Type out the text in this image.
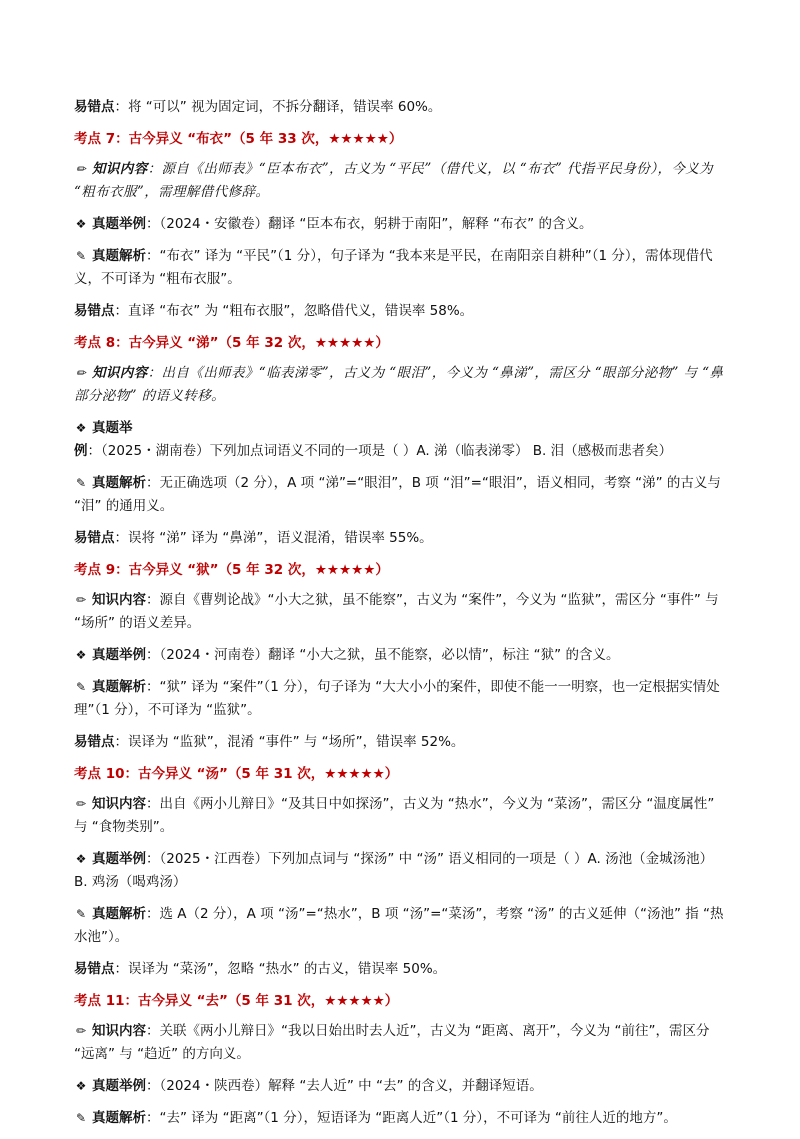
易错点：将 “可以” 视为固定词，不拆分翻译，错误率 60%。

考点 7：古今异义 “布衣”（5 年 33 次，★★★★★）

✏ 知识内容：源自《出师表》“臣本布衣”，古义为 “平民”（借代义，以 “布衣” 代指平民身份），今义为 “粗布衣服”，需理解借代修辞。

❖ 真题举例：（2024・安徽卷）翻译 “臣本布衣，躬耕于南阳”，解释 “布衣” 的含义。

✎ 真题解析：“布衣” 译为 “平民”（1 分），句子译为 “我本来是平民，在南阳亲自耕种”（1 分），需体现借代义，不可译为 “粗布衣服”。

易错点：直译 “布衣” 为 “粗布衣服”，忽略借代义，错误率 58%。

考点 8：古今异义 “涕”（5 年 32 次，★★★★★）

✏ 知识内容：出自《出师表》“临表涕零”，古义为 “眼泪”，今义为 “鼻涕”，需区分 “眼部分泌物” 与 “鼻部分泌物” 的语义转移。

❖ 真题举例：（2025・湖南卷）下列加点词语义不同的一项是（ ）A. 涕（临表涕零） B. 泪（感极而悲者矣）

✎ 真题解析：无正确选项（2 分），A 项 “涕”=“眼泪”，B 项 “泪”=“眼泪”，语义相同，考察 “涕” 的古义与 “泪” 的通用义。

易错点：误将 “涕” 译为 “鼻涕”，语义混淆，错误率 55%。

考点 9：古今异义 “狱”（5 年 32 次，★★★★★）

✏ 知识内容：源自《曹刿论战》“小大之狱，虽不能察”，古义为 “案件”，今义为 “监狱”，需区分 “事件” 与 “场所” 的语义差异。

❖ 真题举例：（2024・河南卷）翻译 “小大之狱，虽不能察，必以情”，标注 “狱” 的含义。

✎ 真题解析：“狱” 译为 “案件”（1 分），句子译为 “大大小小的案件，即使不能一一明察，也一定根据实情处理”（1 分），不可译为 “监狱”。

易错点：误译为 “监狱”，混淆 “事件” 与 “场所”，错误率 52%。

考点 10：古今异义 “汤”（5 年 31 次，★★★★★）

✏ 知识内容：出自《两小儿辩日》“及其日中如探汤”，古义为 “热水”，今义为 “菜汤”，需区分 “温度属性” 与 “食物类别”。

❖ 真题举例：（2025・江西卷）下列加点词与 “探汤” 中 “汤” 语义相同的一项是（ ）A. 汤池（金城汤池） B. 鸡汤（喝鸡汤）

✎ 真题解析：选 A（2 分），A 项 “汤”=“热水”，B 项 “汤”=“菜汤”，考察 “汤” 的古义延伸（“汤池” 指 “热水池”）。

易错点：误译为 “菜汤”，忽略 “热水” 的古义，错误率 50%。

考点 11：古今异义 “去”（5 年 31 次，★★★★★）

✏ 知识内容：关联《两小儿辩日》“我以日始出时去人近”，古义为 “距离、离开”，今义为 “前往”，需区分 “远离” 与 “趋近” 的方向义。

❖ 真题举例：（2024・陕西卷）解释 “去人近” 中 “去” 的含义，并翻译短语。

✎ 真题解析：“去” 译为 “距离”（1 分），短语译为 “距离人近”（1 分），不可译为 “前往人近的地方”。
